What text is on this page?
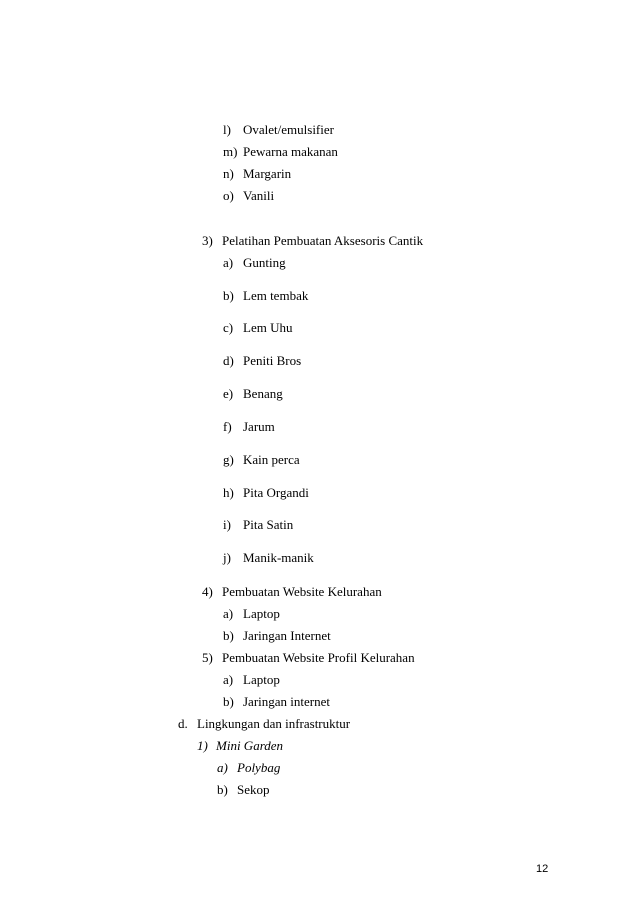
l) Ovalet/emulsifier
m) Pewarna makanan
n) Margarin
o) Vanili
3) Pelatihan Pembuatan Aksesoris Cantik
a) Gunting
b) Lem tembak
c) Lem Uhu
d) Peniti Bros
e) Benang
f) Jarum
g) Kain perca
h) Pita Organdi
i) Pita Satin
j) Manik-manik
4) Pembuatan Website Kelurahan
a) Laptop
b) Jaringan Internet
5) Pembuatan Website Profil Kelurahan
a) Laptop
b) Jaringan internet
d. Lingkungan dan infrastruktur
1) Mini Garden
a) Polybag
b) Sekop
12
